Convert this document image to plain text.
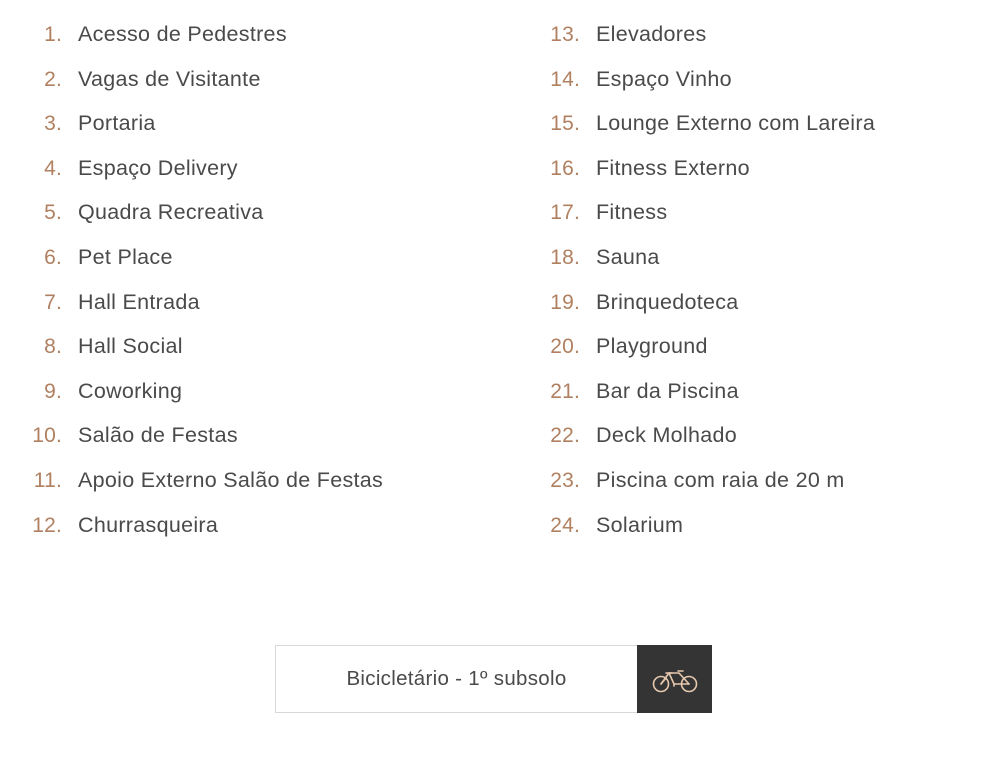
1. Acesso de Pedestres
2. Vagas de Visitante
3. Portaria
4. Espaço Delivery
5. Quadra Recreativa
6. Pet Place
7. Hall Entrada
8. Hall Social
9. Coworking
10. Salão de Festas
11. Apoio Externo Salão de Festas
12. Churrasqueira
13. Elevadores
14. Espaço Vinho
15. Lounge Externo com Lareira
16. Fitness Externo
17. Fitness
18. Sauna
19. Brinquedoteca
20. Playground
21. Bar da Piscina
22. Deck Molhado
23. Piscina com raia de 20 m
24. Solarium
Bicicletário - 1º subsolo
